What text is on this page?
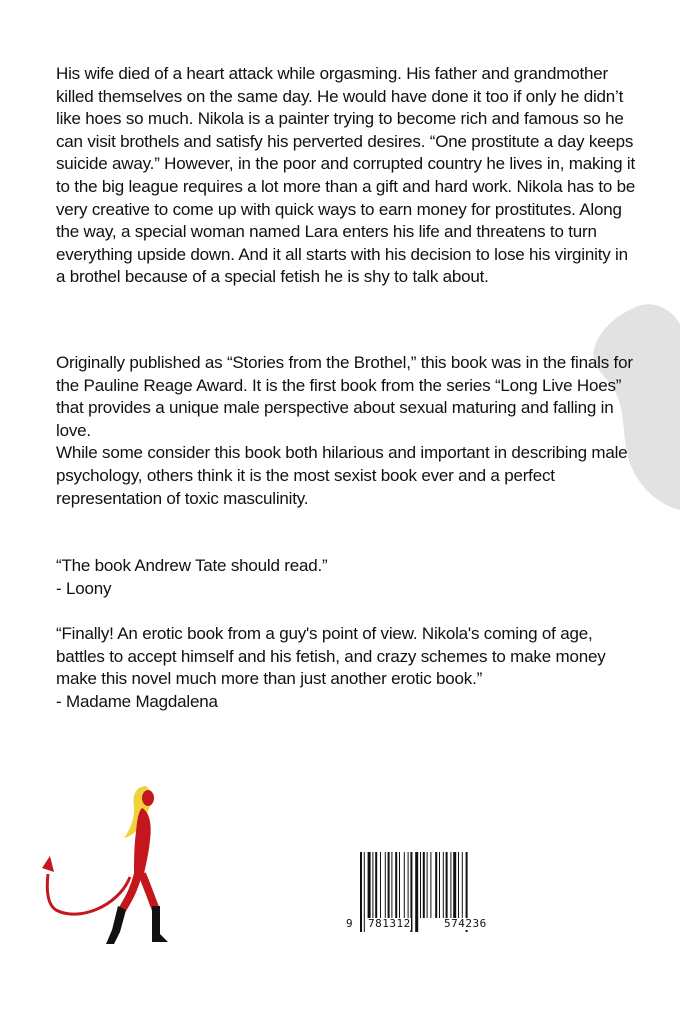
His wife died of a heart attack while orgasming. His father and grandmother killed themselves on the same day. He would have done it too if only he didn’t like hoes so much. Nikola is a painter trying to become rich and famous so he can visit brothels and satisfy his perverted desires. “One prostitute a day keeps suicide away.” However, in the poor and corrupted country he lives in, making it to the big league requires a lot more than a gift and hard work. Nikola has to be very creative to come up with quick ways to earn money for prostitutes. Along the way, a special woman named Lara enters his life and threatens to turn everything upside down. And it all starts with his decision to lose his virginity in a brothel because of a special fetish he is shy to talk about.

Originally published as “Stories from the Brothel,” this book was in the finals for the Pauline Reage Award. It is the first book from the series “Long Live Hoes” that provides a unique male perspective about sexual maturing and falling in love.

While some consider this book both hilarious and important in describing male psychology, others think it is the most sexist book ever and a perfect representation of toxic masculinity.

“The book Andrew Tate should read.”

- Loony

“Finally! An erotic book from a guy's point of view. Nikola's coming of age, battles to accept himself and his fetish, and crazy schemes to make money make this novel much more than just another erotic book.”

- Madame Magdalena

9 781312	574236
